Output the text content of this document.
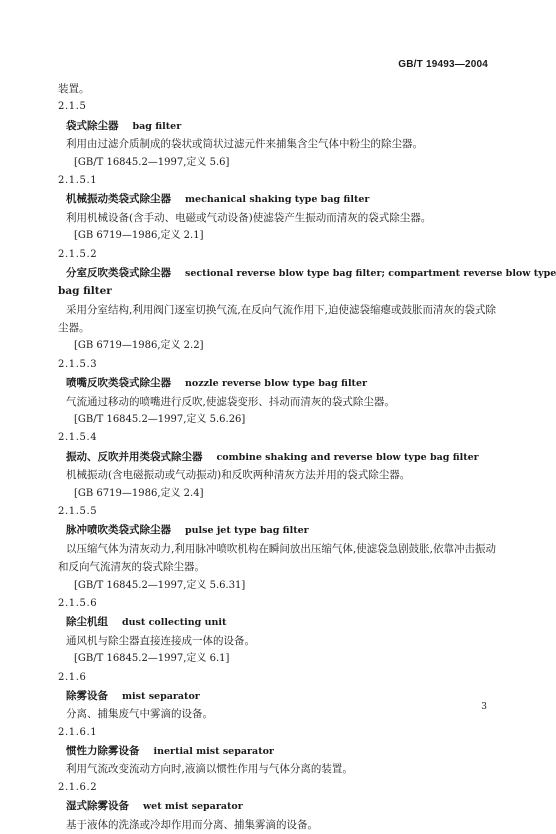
GB/T 19493—2004
装置。
2.1.5
袋式除尘器 bag filter
利用由过滤介质制成的袋状或筒状过滤元件来捕集含尘气体中粉尘的除尘器。
[GB/T 16845.2—1997,定义 5.6]
2.1.5.1
机械振动类袋式除尘器 mechanical shaking type bag filter
利用机械设备(含手动、电磁或气动设备)使滤袋产生振动而清灰的袋式除尘器。
[GB 6719—1986,定义 2.1]
2.1.5.2
分室反吹类袋式除尘器 sectional reverse blow type bag filter; compartment reverse blow type
bag filter
采用分室结构,利用阀门逐室切换气流,在反向气流作用下,迫使滤袋缩瘪或鼓胀而清灰的袋式除
尘器。
[GB 6719—1986,定义 2.2]
2.1.5.3
喷嘴反吹类袋式除尘器 nozzle reverse blow type bag filter
气流通过移动的喷嘴进行反吹,使滤袋变形、抖动而清灰的袋式除尘器。
[GB/T 16845.2—1997,定义 5.6.26]
2.1.5.4
振动、反吹并用类袋式除尘器 combine shaking and reverse blow type bag filter
机械振动(含电磁振动或气动振动)和反吹两种清灰方法并用的袋式除尘器。
[GB 6719—1986,定义 2.4]
2.1.5.5
脉冲喷吹类袋式除尘器 pulse jet type bag filter
以压缩气体为清灰动力,利用脉冲喷吹机构在瞬间放出压缩气体,使滤袋急剧鼓胀,依靠冲击振动
和反向气流清灰的袋式除尘器。
[GB/T 16845.2—1997,定义 5.6.31]
2.1.5.6
除尘机组 dust collecting unit
通风机与除尘器直接连接成一体的设备。
[GB/T 16845.2—1997,定义 6.1]
2.1.6
除雾设备 mist separator
分离、捕集废气中雾滴的设备。
2.1.6.1
惯性力除雾设备 inertial mist separator
利用气流改变流动方向时,液滴以惯性作用与气体分离的装置。
2.1.6.2
湿式除雾设备 wet mist separator
基于液体的洗涤或冷却作用而分离、捕集雾滴的设备。
3
